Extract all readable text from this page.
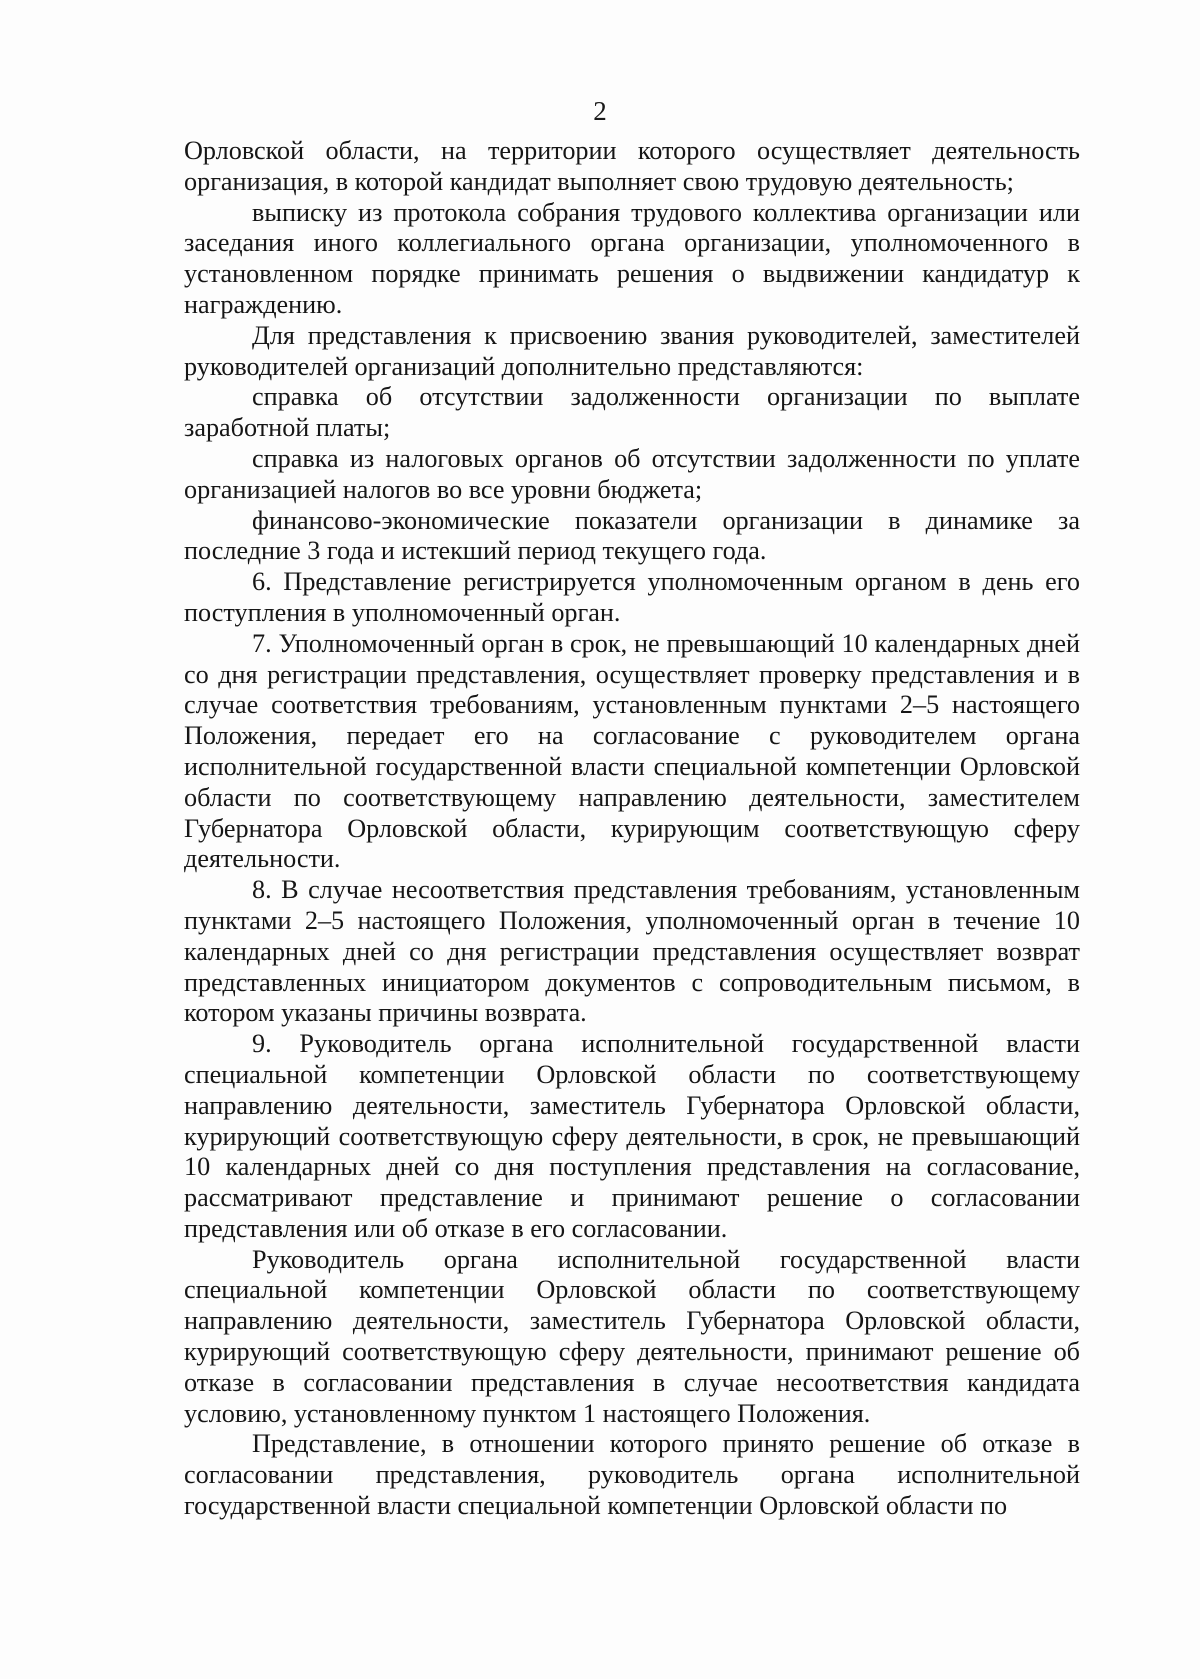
2

Орловской области, на территории которого осуществляет деятельность организация, в которой кандидат выполняет свою трудовую деятельность;

выписку из протокола собрания трудового коллектива организации или заседания иного коллегиального органа организации, уполномоченного в установленном порядке принимать решения о выдвижении кандидатур к награждению.

Для представления к присвоению звания руководителей, заместителей руководителей организаций дополнительно представляются:

справка об отсутствии задолженности организации по выплате заработной платы;

справка из налоговых органов об отсутствии задолженности по уплате организацией налогов во все уровни бюджета;

финансово-экономические показатели организации в динамике за последние 3 года и истекший период текущего года.

6. Представление регистрируется уполномоченным органом в день его поступления в уполномоченный орган.

7. Уполномоченный орган в срок, не превышающий 10 календарных дней со дня регистрации представления, осуществляет проверку представления и в случае соответствия требованиям, установленным пунктами 2–5 настоящего Положения, передает его на согласование с руководителем органа исполнительной государственной власти специальной компетенции Орловской области по соответствующему направлению деятельности, заместителем Губернатора Орловской области, курирующим соответствующую сферу деятельности.

8. В случае несоответствия представления требованиям, установленным пунктами 2–5 настоящего Положения, уполномоченный орган в течение 10 календарных дней со дня регистрации представления осуществляет возврат представленных инициатором документов с сопроводительным письмом, в котором указаны причины возврата.

9. Руководитель органа исполнительной государственной власти специальной компетенции Орловской области по соответствующему направлению деятельности, заместитель Губернатора Орловской области, курирующий соответствующую сферу деятельности, в срок, не превышающий 10 календарных дней со дня поступления представления на согласование, рассматривают представление и принимают решение о согласовании представления или об отказе в его согласовании.

Руководитель органа исполнительной государственной власти специальной компетенции Орловской области по соответствующему направлению деятельности, заместитель Губернатора Орловской области, курирующий соответствующую сферу деятельности, принимают решение об отказе в согласовании представления в случае несоответствия кандидата условию, установленному пунктом 1 настоящего Положения.

Представление, в отношении которого принято решение об отказе в согласовании представления, руководитель органа исполнительной государственной власти специальной компетенции Орловской области по
